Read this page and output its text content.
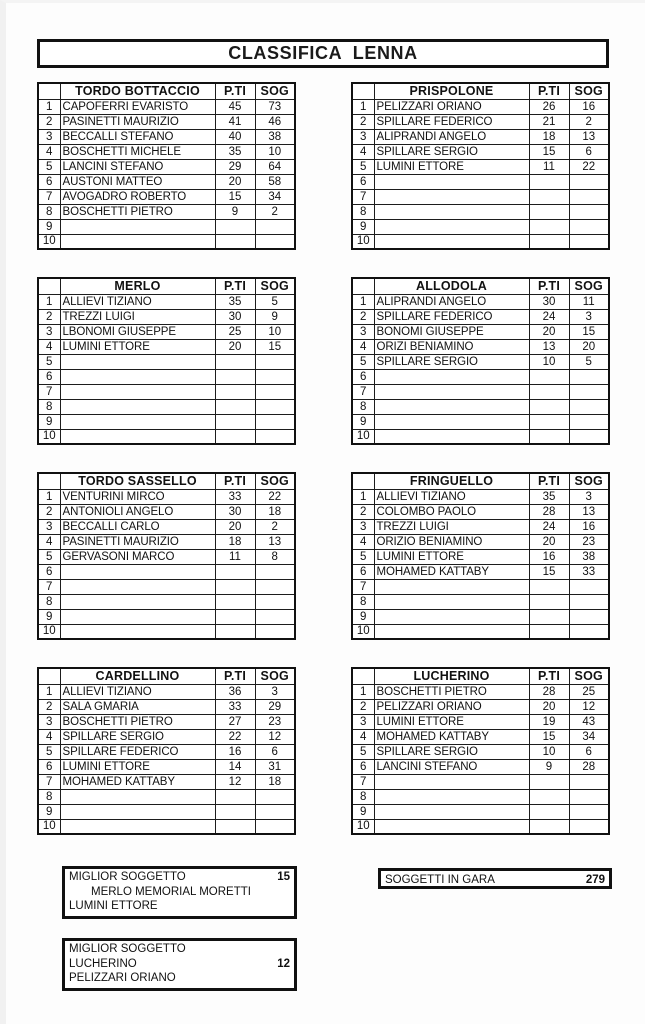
CLASSIFICA  LENNA
	TORDO BOTTACCIO	P.TI	SOG
1	CAPOFERRI EVARISTO	45	73
2	PASINETTI MAURIZIO	41	46
3	BECCALLI STEFANO	40	38
4	BOSCHETTI MICHELE	35	10
5	LANCINI STEFANO	29	64
6	AUSTONI MATTEO	20	58
7	AVOGADRO ROBERTO	15	34
8	BOSCHETTI PIETRO	9	2
9			
10			
	PRISPOLONE	P.TI	SOG
1	PELIZZARI ORIANO	26	16
2	SPILLARE FEDERICO	21	2
3	ALIPRANDI ANGELO	18	13
4	SPILLARE SERGIO	15	6
5	LUMINI ETTORE	11	22
6			
7			
8			
9			
10			
	MERLO	P.TI	SOG
1	ALLIEVI TIZIANO	35	5
2	TREZZI LUIGI	30	9
3	LBONOMI GIUSEPPE	25	10
4	LUMINI ETTORE	20	15
5			
6			
7			
8			
9			
10			
	ALLODOLA	P.TI	SOG
1	ALIPRANDI ANGELO	30	11
2	SPILLARE FEDERICO	24	3
3	BONOMI GIUSEPPE	20	15
4	ORIZI BENIAMINO	13	20
5	SPILLARE SERGIO	10	5
6			
7			
8			
9			
10			
	TORDO SASSELLO	P.TI	SOG
1	VENTURINI MIRCO	33	22
2	ANTONIOLI ANGELO	30	18
3	BECCALLI CARLO	20	2
4	PASINETTI MAURIZIO	18	13
5	GERVASONI MARCO	11	8
6			
7			
8			
9			
10			
	FRINGUELLO	P.TI	SOG
1	ALLIEVI TIZIANO	35	3
2	COLOMBO PAOLO	28	13
3	TREZZI LUIGI	24	16
4	ORIZIO BENIAMINO	20	23
5	LUMINI ETTORE	16	38
6	MOHAMED KATTABY	15	33
7			
8			
9			
10			
	CARDELLINO	P.TI	SOG
1	ALLIEVI TIZIANO	36	3
2	SALA GMARIA	33	29
3	BOSCHETTI PIETRO	27	23
4	SPILLARE SERGIO	22	12
5	SPILLARE FEDERICO	16	6
6	LUMINI ETTORE	14	31
7	MOHAMED KATTABY	12	18
8			
9			
10			
	LUCHERINO	P.TI	SOG
1	BOSCHETTI PIETRO	28	25
2	PELIZZARI ORIANO	20	12
3	LUMINI ETTORE	19	43
4	MOHAMED KATTABY	15	34
5	SPILLARE SERGIO	10	6
6	LANCINI STEFANO	9	28
7			
8			
9			
10			
MIGLIOR SOGGETTO	15
MERLO MEMORIAL MORETTI
LUMINI ETTORE
MIGLIOR SOGGETTO
LUCHERINO	12
PELIZZARI ORIANO
SOGGETTI IN GARA	279
